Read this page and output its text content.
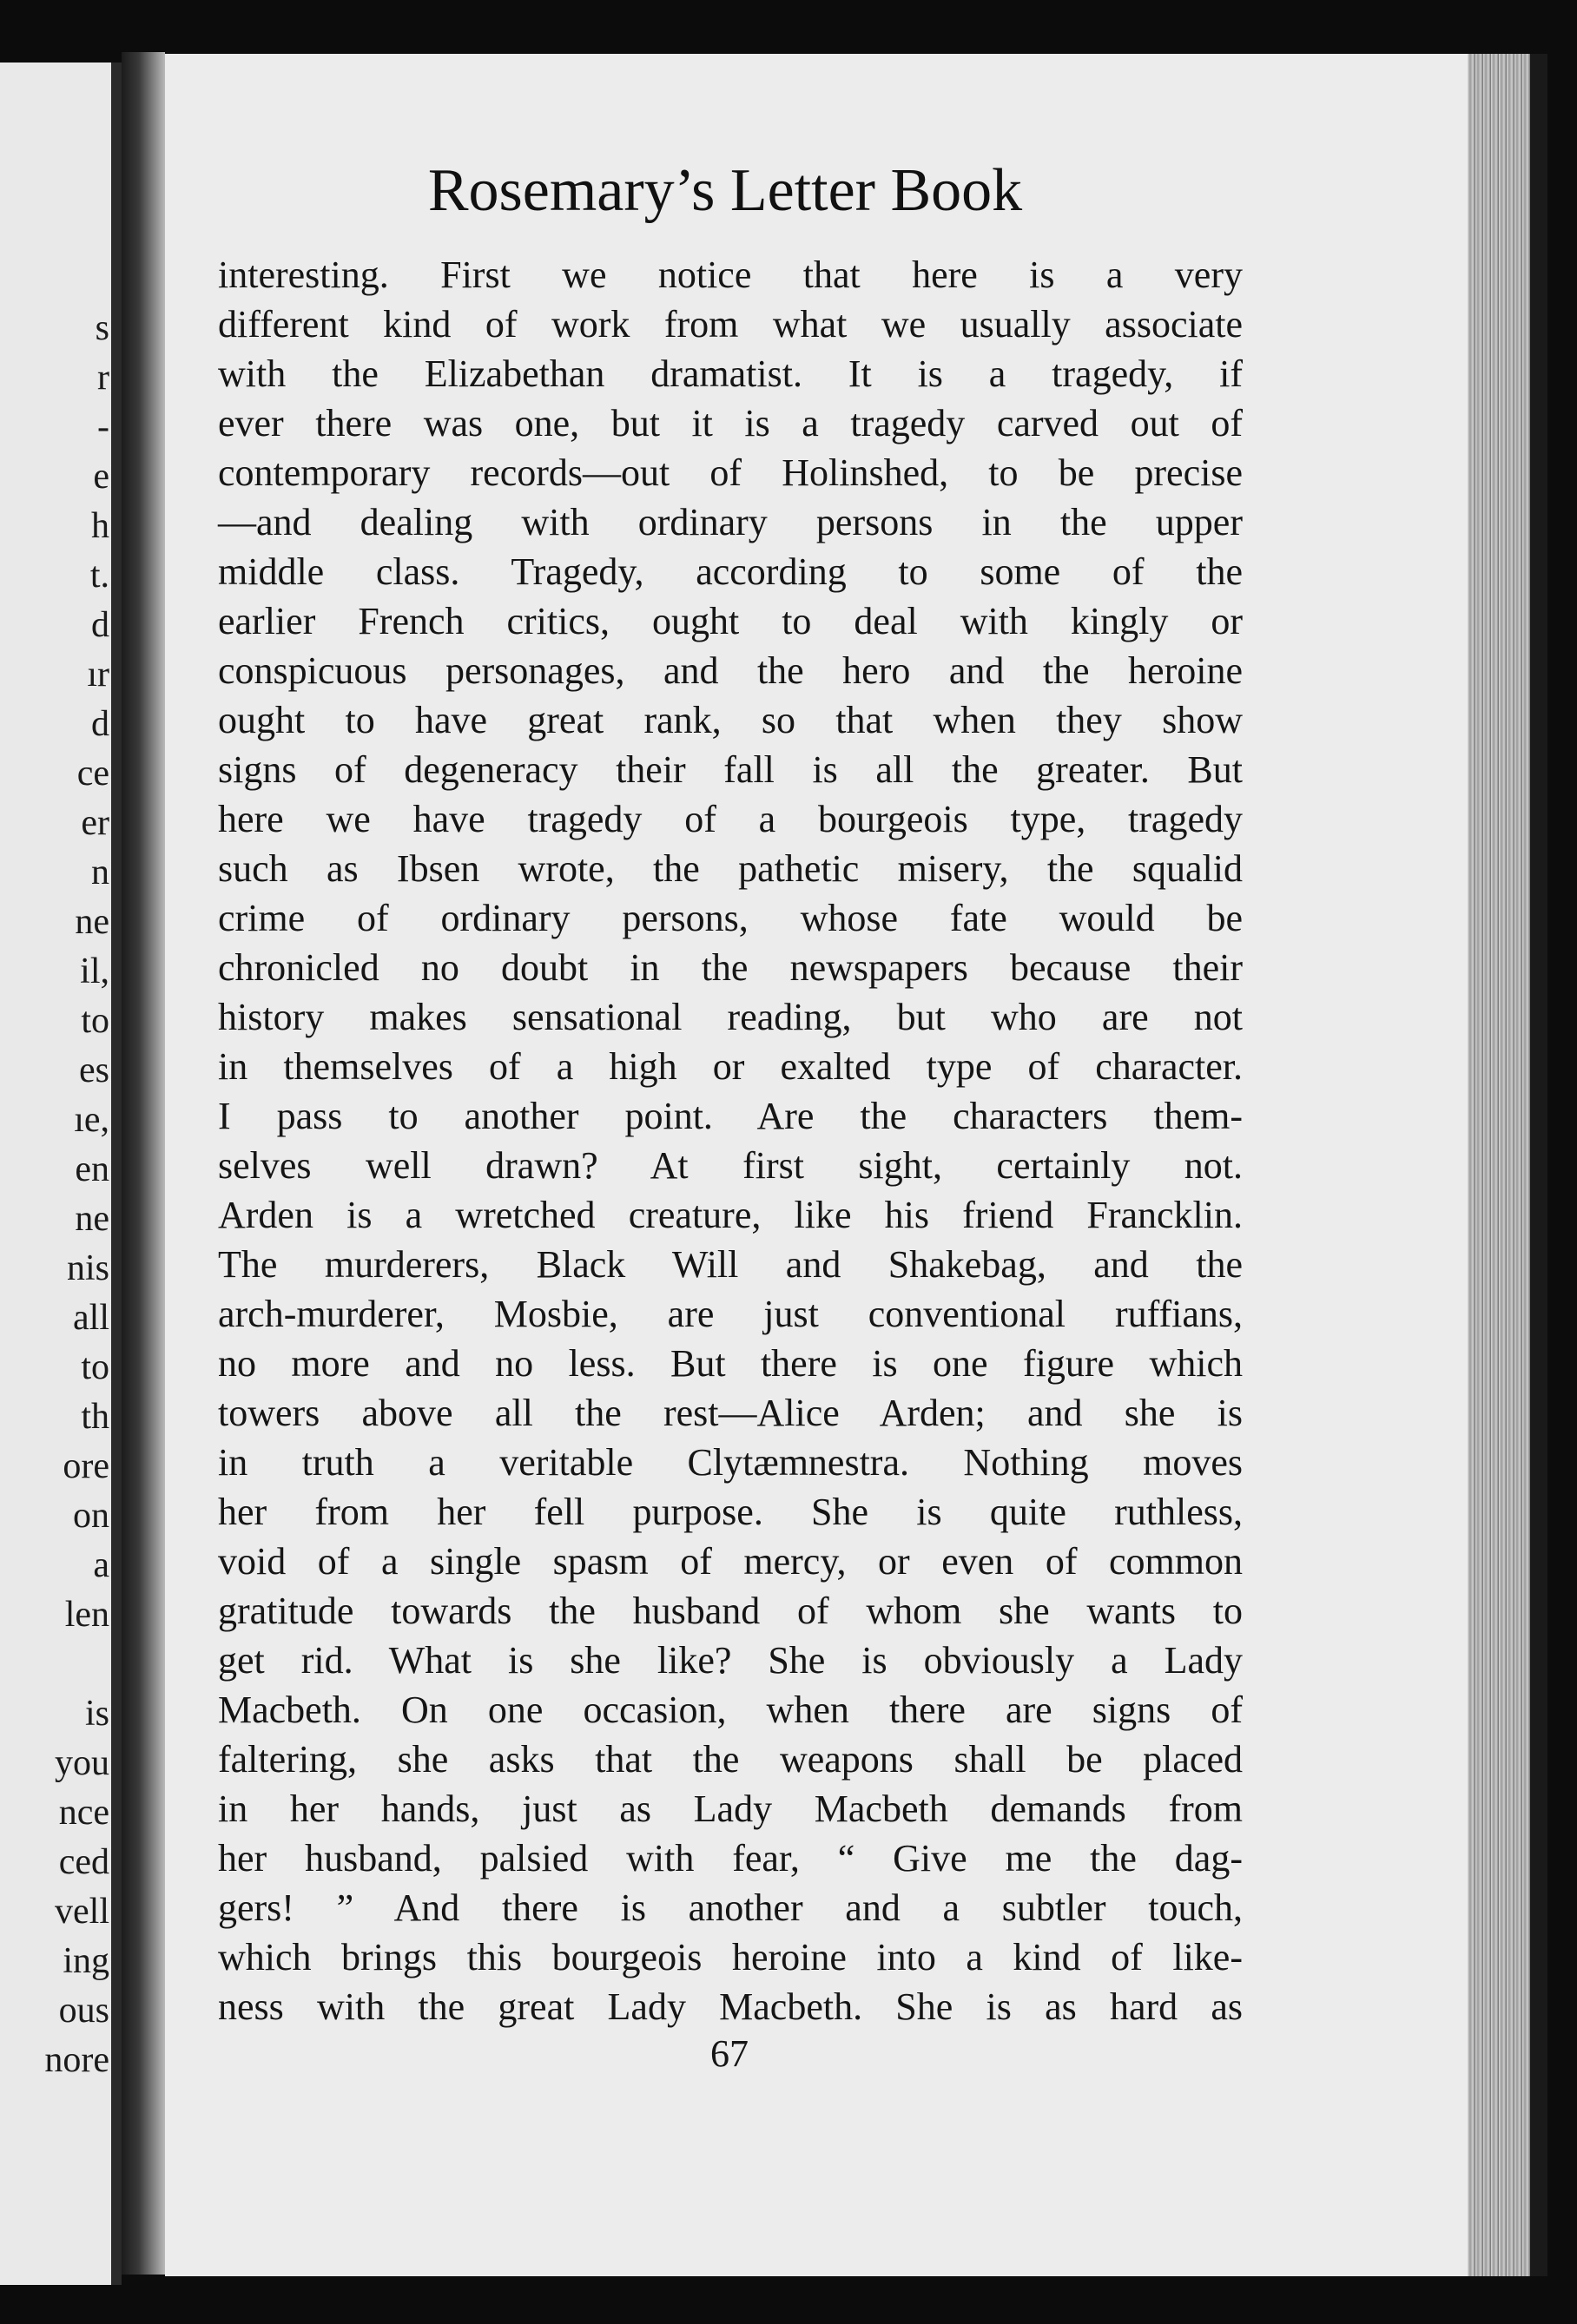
s
r
-
e
h
t.
d
ır
d
ce
er
n
ne
il,
to
es
ıe,
en
ne
nis
all
to
th
ore
on
a
len
is
you
nce
ced
vell
ing
ous
nore
Rosemary’s Letter Book
interesting. First we notice that here is a very
different kind of work from what we usually associate
with the Elizabethan dramatist. It is a tragedy, if
ever there was one, but it is a tragedy carved out of
contemporary records—out of Holinshed, to be precise
—and dealing with ordinary persons in the upper
middle class. Tragedy, according to some of the
earlier French critics, ought to deal with kingly or
conspicuous personages, and the hero and the heroine
ought to have great rank, so that when they show
signs of degeneracy their fall is all the greater. But
here we have tragedy of a bourgeois type, tragedy
such as Ibsen wrote, the pathetic misery, the squalid
crime of ordinary persons, whose fate would be
chronicled no doubt in the newspapers because their
history makes sensational reading, but who are not
in themselves of a high or exalted type of character.
I pass to another point. Are the characters them-
selves well drawn? At first sight, certainly not.
Arden is a wretched creature, like his friend Francklin.
The murderers, Black Will and Shakebag, and the
arch-murderer, Mosbie, are just conventional ruffians,
no more and no less. But there is one figure which
towers above all the rest—Alice Arden; and she is
in truth a veritable Clytæmnestra. Nothing moves
her from her fell purpose. She is quite ruthless,
void of a single spasm of mercy, or even of common
gratitude towards the husband of whom she wants to
get rid. What is she like? She is obviously a Lady
Macbeth. On one occasion, when there are signs of
faltering, she asks that the weapons shall be placed
in her hands, just as Lady Macbeth demands from
her husband, palsied with fear, “ Give me the dag-
gers! ” And there is another and a subtler touch,
which brings this bourgeois heroine into a kind of like-
ness with the great Lady Macbeth. She is as hard as
67
